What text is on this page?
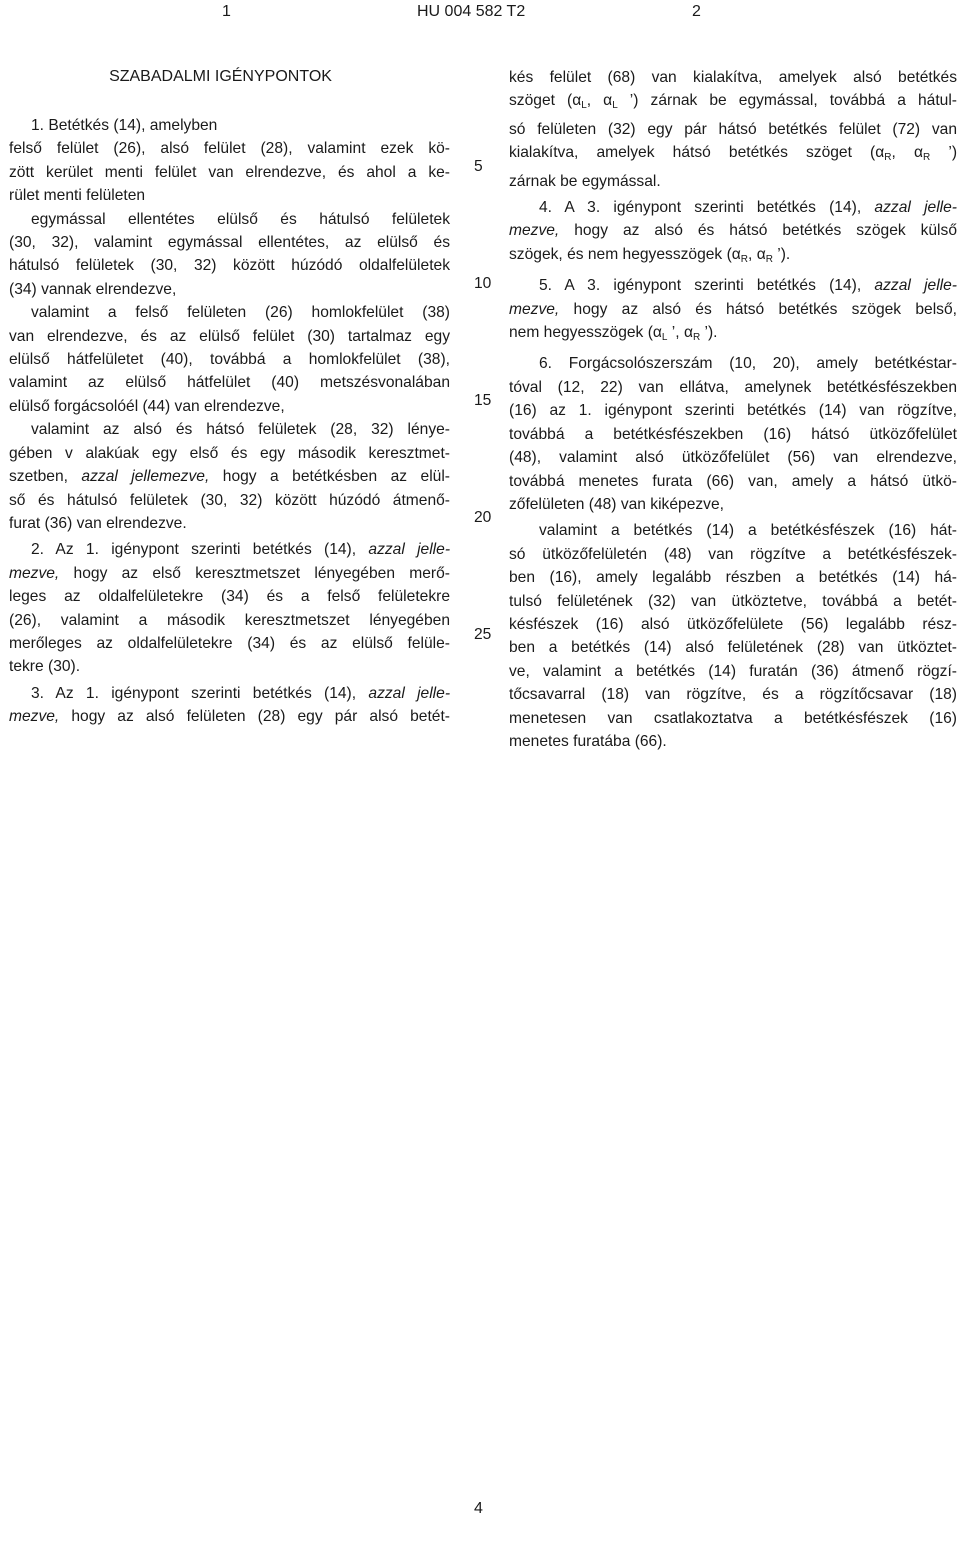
1	HU 004 582 T2	2
SZABADALMI IGÉNYPONTOK
1. Betétkés (14), amelyben
felső felület (26), alsó felület (28), valamint ezek kö-
zött kerület menti felület van elrendezve, és ahol a ke-
rület menti felületen
egymással ellentétes elülső és hátulsó felületek
(30, 32), valamint egymással ellentétes, az elülső és
hátulsó felületek (30, 32) között húzódó oldalfelületek
(34) vannak elrendezve,
valamint a felső felületen (26) homlokfelület (38)
van elrendezve, és az elülső felület (30) tartalmaz egy
elülső hátfelületet (40), továbbá a homlokfelület (38),
valamint az elülső hátfelület (40) metszésvonalában
elülső forgácsolóél (44) van elrendezve,
valamint az alsó és hátsó felületek (28, 32) lénye-
gében v alakúak egy első és egy második keresztmet-
szetben, azzal jellemezve, hogy a betétkésben az elül-
ső és hátulsó felületek (30, 32) között húzódó átmenő-
furat (36) van elrendezve.
2. Az 1. igénypont szerinti betétkés (14), azzal jelle-
mezve, hogy az első keresztmetszet lényegében merő-
leges az oldalfelületekre (34) és a felső felületekre
(26), valamint a második keresztmetszet lényegében
merőleges az oldalfelületekre (34) és az elülső felüle-
tekre (30).
3. Az 1. igénypont szerinti betétkés (14), azzal jelle-
mezve, hogy az alsó felületen (28) egy pár alsó betét-
5
10
15
20
25
kés felület (68) van kialakítva, amelyek alsó betétkés
szöget ($\alpha_L$, $\alpha_L$ ’) zárnak be egymással, továbbá a hátul-
só felületen (32) egy pár hátsó betétkés felület (72) van
kialakítva, amelyek hátsó betétkés szöget ($\alpha_R$, $\alpha_R$ ’)
zárnak be egymással.
4. A 3. igénypont szerinti betétkés (14), azzal jelle-
mezve, hogy az alsó és hátsó betétkés szögek külső
szögek, és nem hegyesszögek ($\alpha_R$, $\alpha_R$ ’).
5. A 3. igénypont szerinti betétkés (14), azzal jelle-
mezve, hogy az alsó és hátsó betétkés szögek belső,
nem hegyesszögek ($\alpha_L$ ’, $\alpha_R$ ’).
6. Forgácsolószerszám (10, 20), amely betétkéstar-
tóval (12, 22) van ellátva, amelynek betétkésfészekben
(16) az 1. igénypont szerinti betétkés (14) van rögzítve,
továbbá a betétkésfészekben (16) hátsó ütközőfelület
(48), valamint alsó ütközőfelület (56) van elrendezve,
továbbá menetes furata (66) van, amely a hátsó ütkö-
zőfelületen (48) van kiképezve,
valamint a betétkés (14) a betétkésfészek (16) hát-
só ütközőfelületén (48) van rögzítve a betétkésfészek-
ben (16), amely legalább részben a betétkés (14) há-
tulsó felületének (32) van ütköztetve, továbbá a betét-
késfészek (16) alsó ütközőfelülete (56) legalább rész-
ben a betétkés (14) alsó felületének (28) van ütköztet-
ve, valamint a betétkés (14) furatán (36) átmenő rögzí-
tőcsavarral (18) van rögzítve, és a rögzítőcsavar (18)
menetesen van csatlakoztatva a betétkésfészek (16)
menetes furatába (66).
4
